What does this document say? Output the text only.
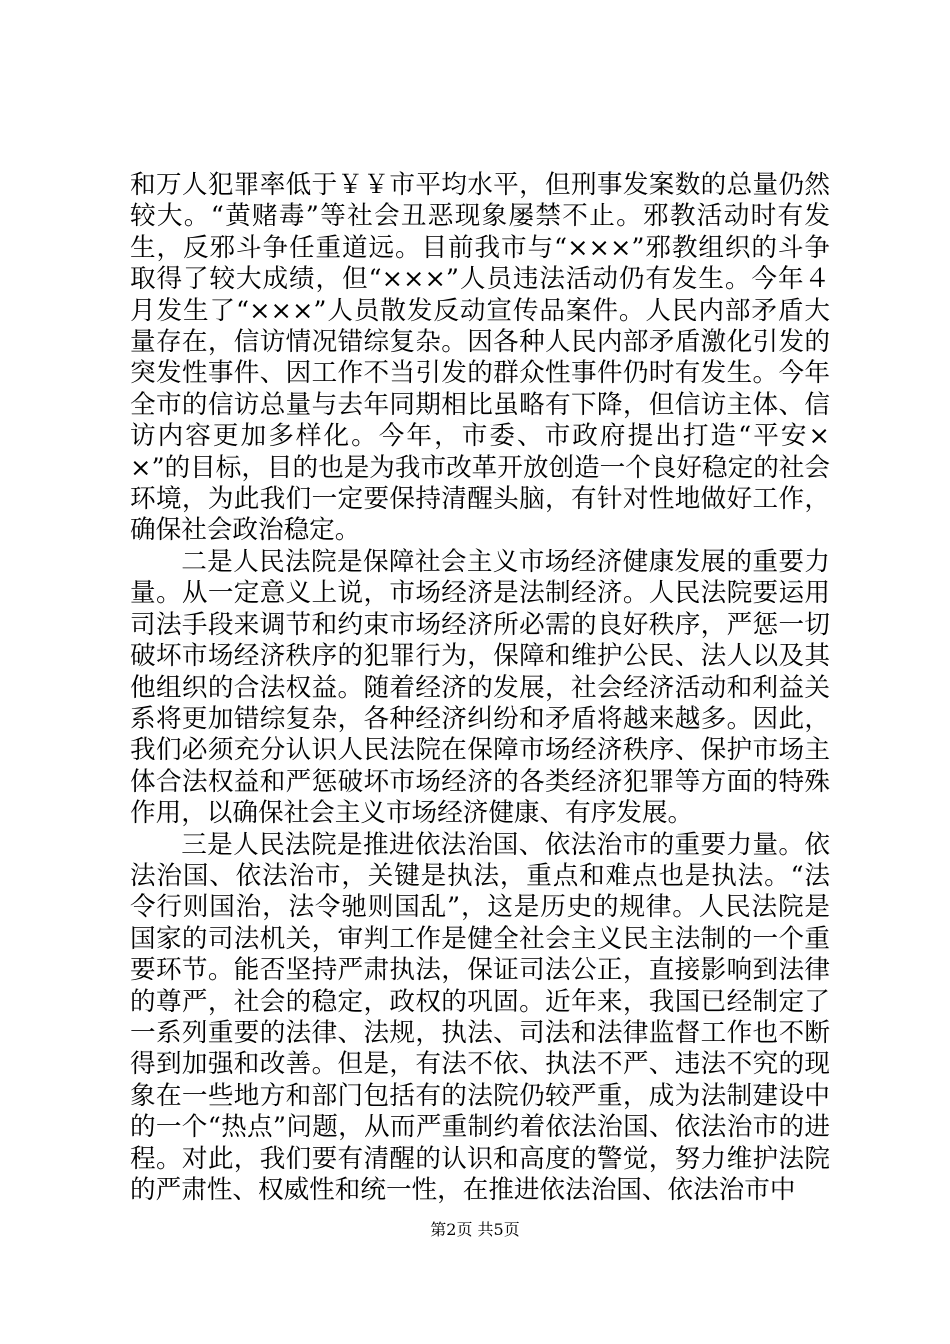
和万人犯罪率低于￥￥市平均水平，但刑事发案数的总量仍然较大。“黄赌毒”等社会丑恶现象屡禁不止。邪教活动时有发生，反邪斗争任重道远。目前我市与“×××”邪教组织的斗争取得了较大成绩，但“×××”人员违法活动仍有发生。今年４月发生了“×××”人员散发反动宣传品案件。人民内部矛盾大量存在，信访情况错综复杂。因各种人民内部矛盾激化引发的突发性事件、因工作不当引发的群众性事件仍时有发生。今年全市的信访总量与去年同期相比虽略有下降，但信访主体、信访内容更加多样化。今年，市委、市政府提出打造“平安××”的目标，目的也是为我市改革开放创造一个良好稳定的社会环境，为此我们一定要保持清醒头脑，有针对性地做好工作，确保社会政治稳定。

二是人民法院是保障社会主义市场经济健康发展的重要力量。从一定意义上说，市场经济是法制经济。人民法院要运用司法手段来调节和约束市场经济所必需的良好秩序，严惩一切破坏市场经济秩序的犯罪行为，保障和维护公民、法人以及其他组织的合法权益。随着经济的发展，社会经济活动和利益关系将更加错综复杂，各种经济纠纷和矛盾将越来越多。因此，我们必须充分认识人民法院在保障市场经济秩序、保护市场主体合法权益和严惩破坏市场经济的各类经济犯罪等方面的特殊作用，以确保社会主义市场经济健康、有序发展。

三是人民法院是推进依法治国、依法治市的重要力量。依法治国、依法治市，关键是执法，重点和难点也是执法。“法令行则国治，法令驰则国乱”，这是历史的规律。人民法院是国家的司法机关，审判工作是健全社会主义民主法制的一个重要环节。能否坚持严肃执法，保证司法公正，直接影响到法律的尊严，社会的稳定，政权的巩固。近年来，我国已经制定了一系列重要的法律、法规，执法、司法和法律监督工作也不断得到加强和改善。但是，有法不依、执法不严、违法不究的现象在一些地方和部门包括有的法院仍较严重，成为法制建设中的一个“热点”问题，从而严重制约着依法治国、依法治市的进程。对此，我们要有清醒的认识和高度的警觉，努力维护法院的严肃性、权威性和统一性，在推进依法治国、依法治市中

第2页 共5页
